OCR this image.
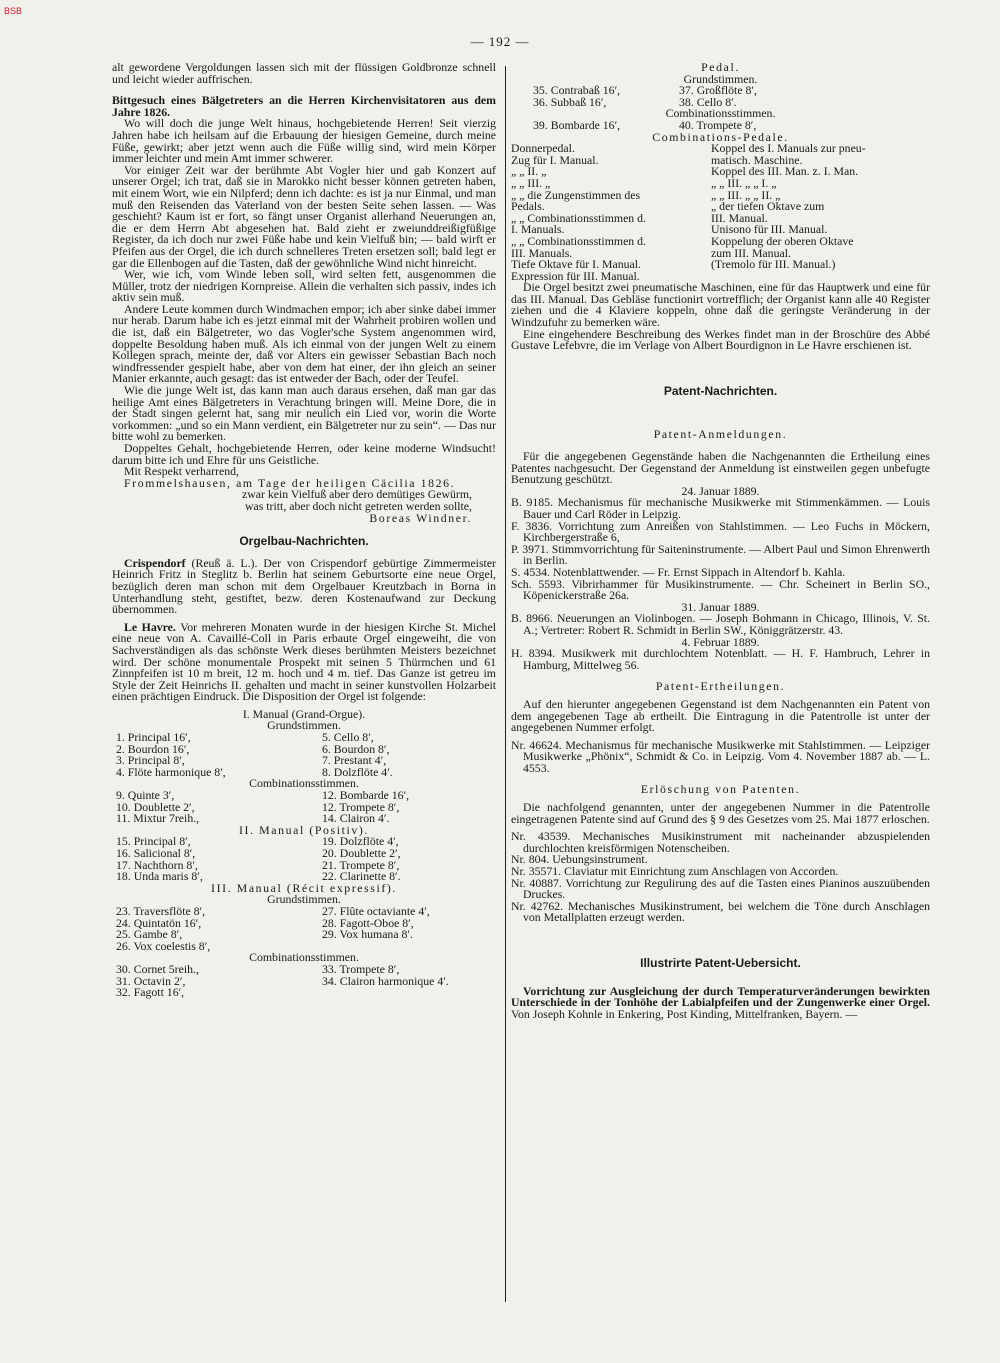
BSB
— 192 —

alt gewordene Vergoldungen lassen sich mit der flüssigen Goldbronze schnell und leicht wieder auffrischen.

Bittgesuch eines Bälgetreters an die Herren Kirchenvisitatoren aus dem Jahre 1826.

Wo will doch die junge Welt hinaus, hochgebietende Herren! Seit vierzig Jahren habe ich heilsam auf die Erbauung der hiesigen Gemeine, durch meine Füße, gewirkt; aber jetzt wenn auch die Füße willig sind, wird mein Körper immer leichter und mein Amt immer schwerer.

Vor einiger Zeit war der berühmte Abt Vogler hier und gab Konzert auf unserer Orgel; ich trat, daß sie in Marokko nicht besser können getreten haben, mit einem Wort, wie ein Nilpferd; denn ich dachte: es ist ja nur Einmal, und man muß den Reisenden das Vaterland von der besten Seite sehen lassen. — Was geschieht? Kaum ist er fort, so fängt unser Organist allerhand Neuerungen an, die er dem Herrn Abt abgesehen hat. Bald zieht er zweiunddreißigfüßige Register, da ich doch nur zwei Füße habe und kein Vielfuß bin; — bald wirft er Pfeifen aus der Orgel, die ich durch schnelleres Treten ersetzen soll; bald legt er gar die Ellenbogen auf die Tasten, daß der gewöhnliche Wind nicht hinreicht.

Wer, wie ich, vom Winde leben soll, wird selten fett, ausgenommen die Müller, trotz der niedrigen Kornpreise. Allein die verhalten sich passiv, indes ich aktiv sein muß.

Andere Leute kommen durch Windmachen empor; ich aber sinke dabei immer nur herab. Darum habe ich es jetzt einmal mit der Wahrheit probiren wollen und die ist, daß ein Bälgetreter, wo das Vogler'sche System angenommen wird, doppelte Besoldung haben muß. Als ich einmal von der jungen Welt zu einem Kollegen sprach, meinte der, daß vor Alters ein gewisser Sebastian Bach noch windfressender gespielt habe, aber von dem hat einer, der ihn gleich an seiner Manier erkannte, auch gesagt: das ist entweder der Bach, oder der Teufel.

Wie die junge Welt ist, das kann man auch daraus ersehen, daß man gar das heilige Amt eines Bälgetreters in Verachtung bringen will. Meine Dore, die in der Stadt singen gelernt hat, sang mir neulich ein Lied vor, worin die Worte vorkommen: „und so ein Mann verdient, ein Bälgetreter nur zu sein“. — Das nur bitte wohl zu bemerken.

Doppeltes Gehalt, hochgebietende Herren, oder keine moderne Windsucht! darum bitte ich und Ehre für uns Geistliche.

Mit Respekt verharrend,

Frommelshausen, am Tage der heiligen Cäcilia 1826.

zwar kein Vielfuß aber dero demütiges Gewürm,

was tritt, aber doch nicht getreten werden sollte,

Boreas Windner.

Orgelbau-Nachrichten.

Crispendorf (Reuß ä. L.). Der von Crispendorf gebürtige Zimmermeister Heinrich Fritz in Steglitz b. Berlin hat seinem Geburtsorte eine neue Orgel, bezüglich deren man schon mit dem Orgelbauer Kreutzbach in Borna in Unterhandlung steht, gestiftet, bezw. deren Kostenaufwand zur Deckung übernommen.

Le Havre. Vor mehreren Monaten wurde in der hiesigen Kirche St. Michel eine neue von A. Cavaillé-Coll in Paris erbaute Orgel eingeweiht, die von Sachverständigen als das schönste Werk dieses berühmten Meisters bezeichnet wird. Der schöne monumentale Prospekt mit seinen 5 Thürmchen und 61 Zinnpfeifen ist 10 m breit, 12 m. hoch und 4 m. tief. Das Ganze ist getreu im Style der Zeit Heinrichs II. gehalten und macht in seiner kunstvollen Holzarbeit einen prächtigen Eindruck. Die Disposition der Orgel ist folgende:

I. Manual (Grand-Orgue).

Grundstimmen.

1. Principal 16′,	5. Cello 8′,
2. Bourdon 16′,	6. Bourdon 8′,
3. Principal 8′,	7. Prestant 4′,
4. Flöte harmonique 8′,	8. Dolzflöte 4′.

Combinationsstimmen.

9. Quinte 3′,	12. Bombarde 16′,
10. Doublette 2′,	12. Trompete 8′,
11. Mixtur 7reih.,	14. Clairon 4′.

II. Manual (Positiv).

15. Principal 8′,	19. Dolzflöte 4′,
16. Salicional 8′,	20. Doublette 2′,
17. Nachthorn 8′,	21. Trompete 8′,
18. Unda maris 8′,	22. Clarinette 8′.

III. Manual (Récit expressif).

Grundstimmen.

23. Traversflöte 8′,	27. Flûte octaviante 4′,
24. Quintatön 16′,	28. Fagott-Oboe 8′,
25. Gambe 8′,	29. Vox humana 8′.
26. Vox coelestis 8′,	

Combinationsstimmen.

30. Cornet 5reih.,	33. Trompete 8′,
31. Octavin 2′,	34. Clairon harmonique 4′.
32. Fagott 16′,	

Pedal.

Grundstimmen.

35. Contrabaß 16′,	37. Großflöte 8′,
36. Subbaß 16′,	38. Cello 8′.

Combinationsstimmen.

39. Bombarde 16′,	40. Trompete 8′,

Combinations-Pedale.

Donnerpedal.	Koppel des I. Manuals zur pneu-
Zug für I. Manual.	matisch. Maschine.
„ „ II. „	Koppel des III. Man. z. I. Man.
„ „ III. „	„ „ III. „ „ I. „
„ „ die Zungenstimmen des	„ „ III. „ „ II. „
Pedals.	„ der tiefen Oktave zum
„ „ Combinationsstimmen d.	III. Manual.
I. Manuals.	Unisono für III. Manual.
„ „ Combinationsstimmen d.	Koppelung der oberen Oktave
III. Manuals.	zum III. Manual.
Tiefe Oktave für I. Manual.	(Tremolo für III. Manual.)
Expression für III. Manual.	

Die Orgel besitzt zwei pneumatische Maschinen, eine für das Hauptwerk und eine für das III. Manual. Das Gebläse functionirt vortrefflich; der Organist kann alle 40 Register ziehen und die 4 Klaviere koppeln, ohne daß die geringste Veränderung in der Windzufuhr zu bemerken wäre.

Eine eingehendere Beschreibung des Werkes findet man in der Broschüre des Abbé Gustave Lefebvre, die im Verlage von Albert Bourdignon in Le Havre erschienen ist.

Patent-Nachrichten.

Patent-Anmeldungen.

Für die angegebenen Gegenstände haben die Nachgenannten die Ertheilung eines Patentes nachgesucht. Der Gegenstand der Anmeldung ist einstweilen gegen unbefugte Benutzung geschützt.

24. Januar 1889.

B. 9185. Mechanismus für mechanische Musikwerke mit Stimmenkämmen. — Louis Bauer und Carl Röder in Leipzig.

F. 3836. Vorrichtung zum Anreißen von Stahlstimmen. — Leo Fuchs in Möckern, Kirchbergerstraße 6,

P. 3971. Stimmvorrichtung für Saiteninstrumente. — Albert Paul und Simon Ehrenwerth in Berlin.

S. 4534. Notenblattwender. — Fr. Ernst Sippach in Altendorf b. Kahla.

Sch. 5593. Vibrirhammer für Musikinstrumente. — Chr. Scheinert in Berlin SO., Köpenickerstraße 26a.

31. Januar 1889.

B. 8966. Neuerungen an Violinbogen. — Joseph Bohmann in Chicago, Illinois, V. St. A.; Vertreter: Robert R. Schmidt in Berlin SW., Königgrätzerstr. 43.

4. Februar 1889.

H. 8394. Musikwerk mit durchlochtem Notenblatt. — H. F. Hambruch, Lehrer in Hamburg, Mittelweg 56.

Patent-Ertheilungen.

Auf den hierunter angegebenen Gegenstand ist dem Nachgenannten ein Patent von dem angegebenen Tage ab ertheilt. Die Eintragung in die Patentrolle ist unter der angegebenen Nummer erfolgt.

Nr. 46624. Mechanismus für mechanische Musikwerke mit Stahlstimmen. — Leipziger Musikwerke „Phönix“, Schmidt & Co. in Leipzig. Vom 4. November 1887 ab. — L. 4553.

Erlöschung von Patenten.

Die nachfolgend genannten, unter der angegebenen Nummer in die Patentrolle eingetragenen Patente sind auf Grund des § 9 des Gesetzes vom 25. Mai 1877 erloschen.

Nr. 43539. Mechanisches Musikinstrument mit nacheinander abzuspielenden durchlochten kreisförmigen Notenscheiben.

Nr. 804. Uebungsinstrument.

Nr. 35571. Claviatur mit Einrichtung zum Anschlagen von Accorden.

Nr. 40887. Vorrichtung zur Regulirung des auf die Tasten eines Pianinos auszuübenden Druckes.

Nr. 42762. Mechanisches Musikinstrument, bei welchem die Töne durch Anschlagen von Metallplatten erzeugt werden.

Illustrirte Patent-Uebersicht.

Vorrichtung zur Ausgleichung der durch Temperaturveränderungen bewirkten Unterschiede in der Tonhöhe der Labialpfeifen und der Zungenwerke einer Orgel. Von Joseph Kohnle in Enkering, Post Kinding, Mittelfranken, Bayern. —
